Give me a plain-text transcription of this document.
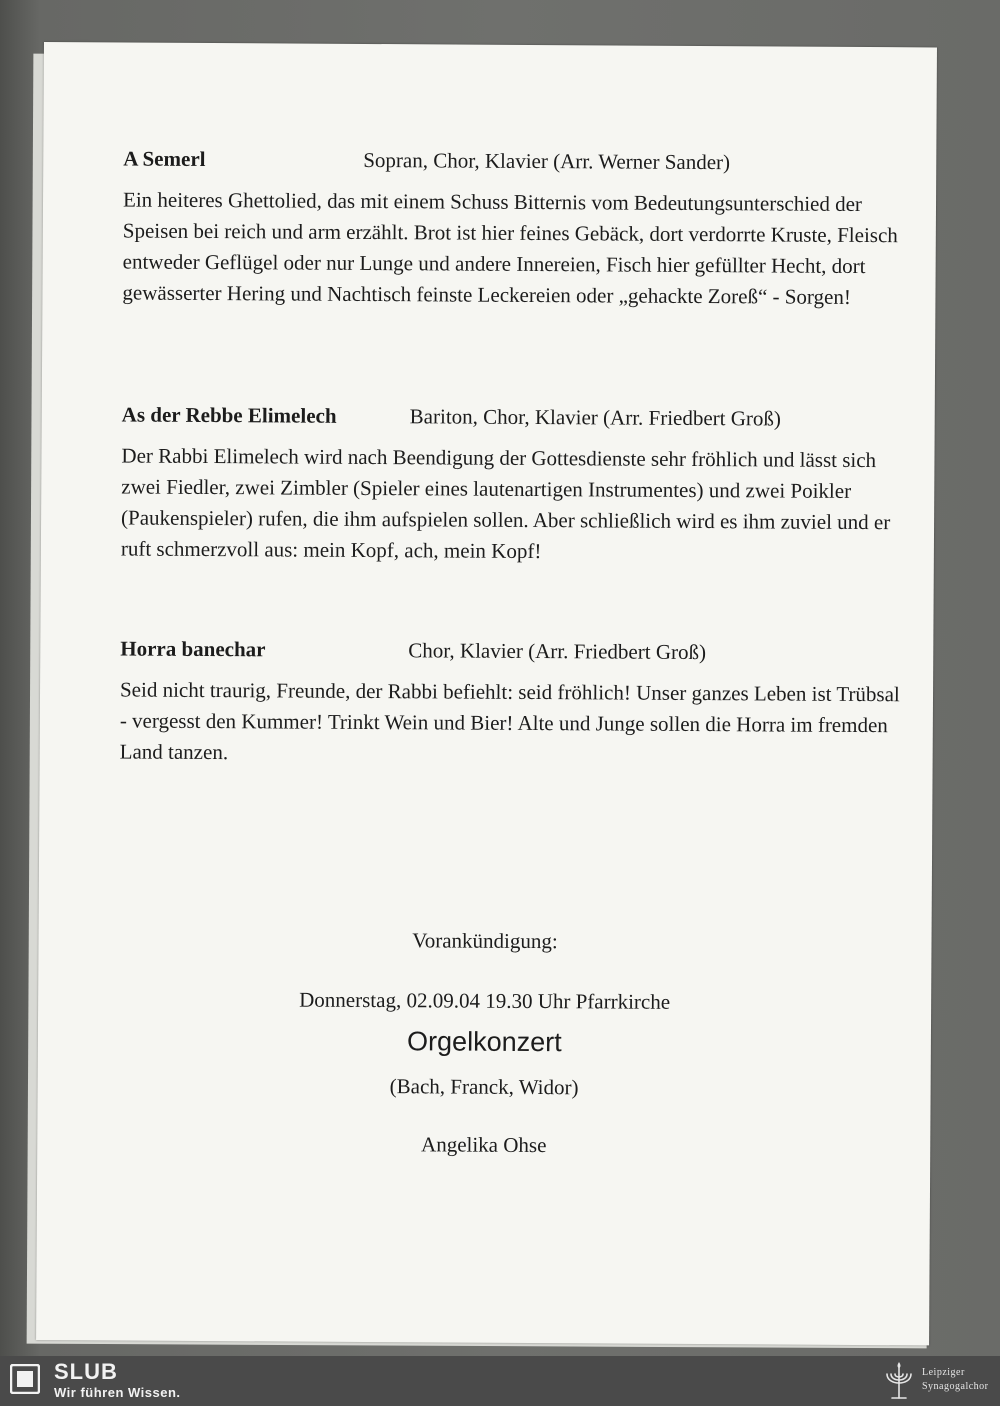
A Semerl	Sopran, Chor, Klavier (Arr. Werner Sander)
Ein heiteres Ghettolied, das mit einem Schuss Bitternis vom Bedeutungsunterschied der Speisen bei reich und arm erzählt. Brot ist hier feines Gebäck, dort verdorrte Kruste, Fleisch entweder Geflügel oder nur Lunge und andere Innereien, Fisch hier gefüllter Hecht, dort gewässerter Hering und Nachtisch feinste Leckereien oder „gehackte Zoreß“ - Sorgen!
As der Rebbe Elimelech	Bariton, Chor, Klavier (Arr. Friedbert Groß)
Der Rabbi Elimelech wird nach Beendigung der Gottesdienste sehr fröhlich und lässt sich zwei Fiedler, zwei Zimbler (Spieler eines lautenartigen Instrumentes) und zwei Poikler (Paukenspieler) rufen, die ihm aufspielen sollen. Aber schließlich wird es ihm zuviel und er ruft schmerzvoll aus: mein Kopf, ach, mein Kopf!
Horra banechar	Chor, Klavier (Arr. Friedbert Groß)
Seid nicht traurig, Freunde, der Rabbi befiehlt: seid fröhlich! Unser ganzes Leben ist Trübsal - vergesst den Kummer! Trinkt Wein und Bier! Alte und Junge sollen die Horra im fremden Land tanzen.
Vorankündigung:
Donnerstag, 02.09.04 19.30 Uhr Pfarrkirche
Orgelkonzert
(Bach, Franck, Widor)
Angelika Ohse
SLUB
Wir führen Wissen.
Leipziger
Synagogalchor
